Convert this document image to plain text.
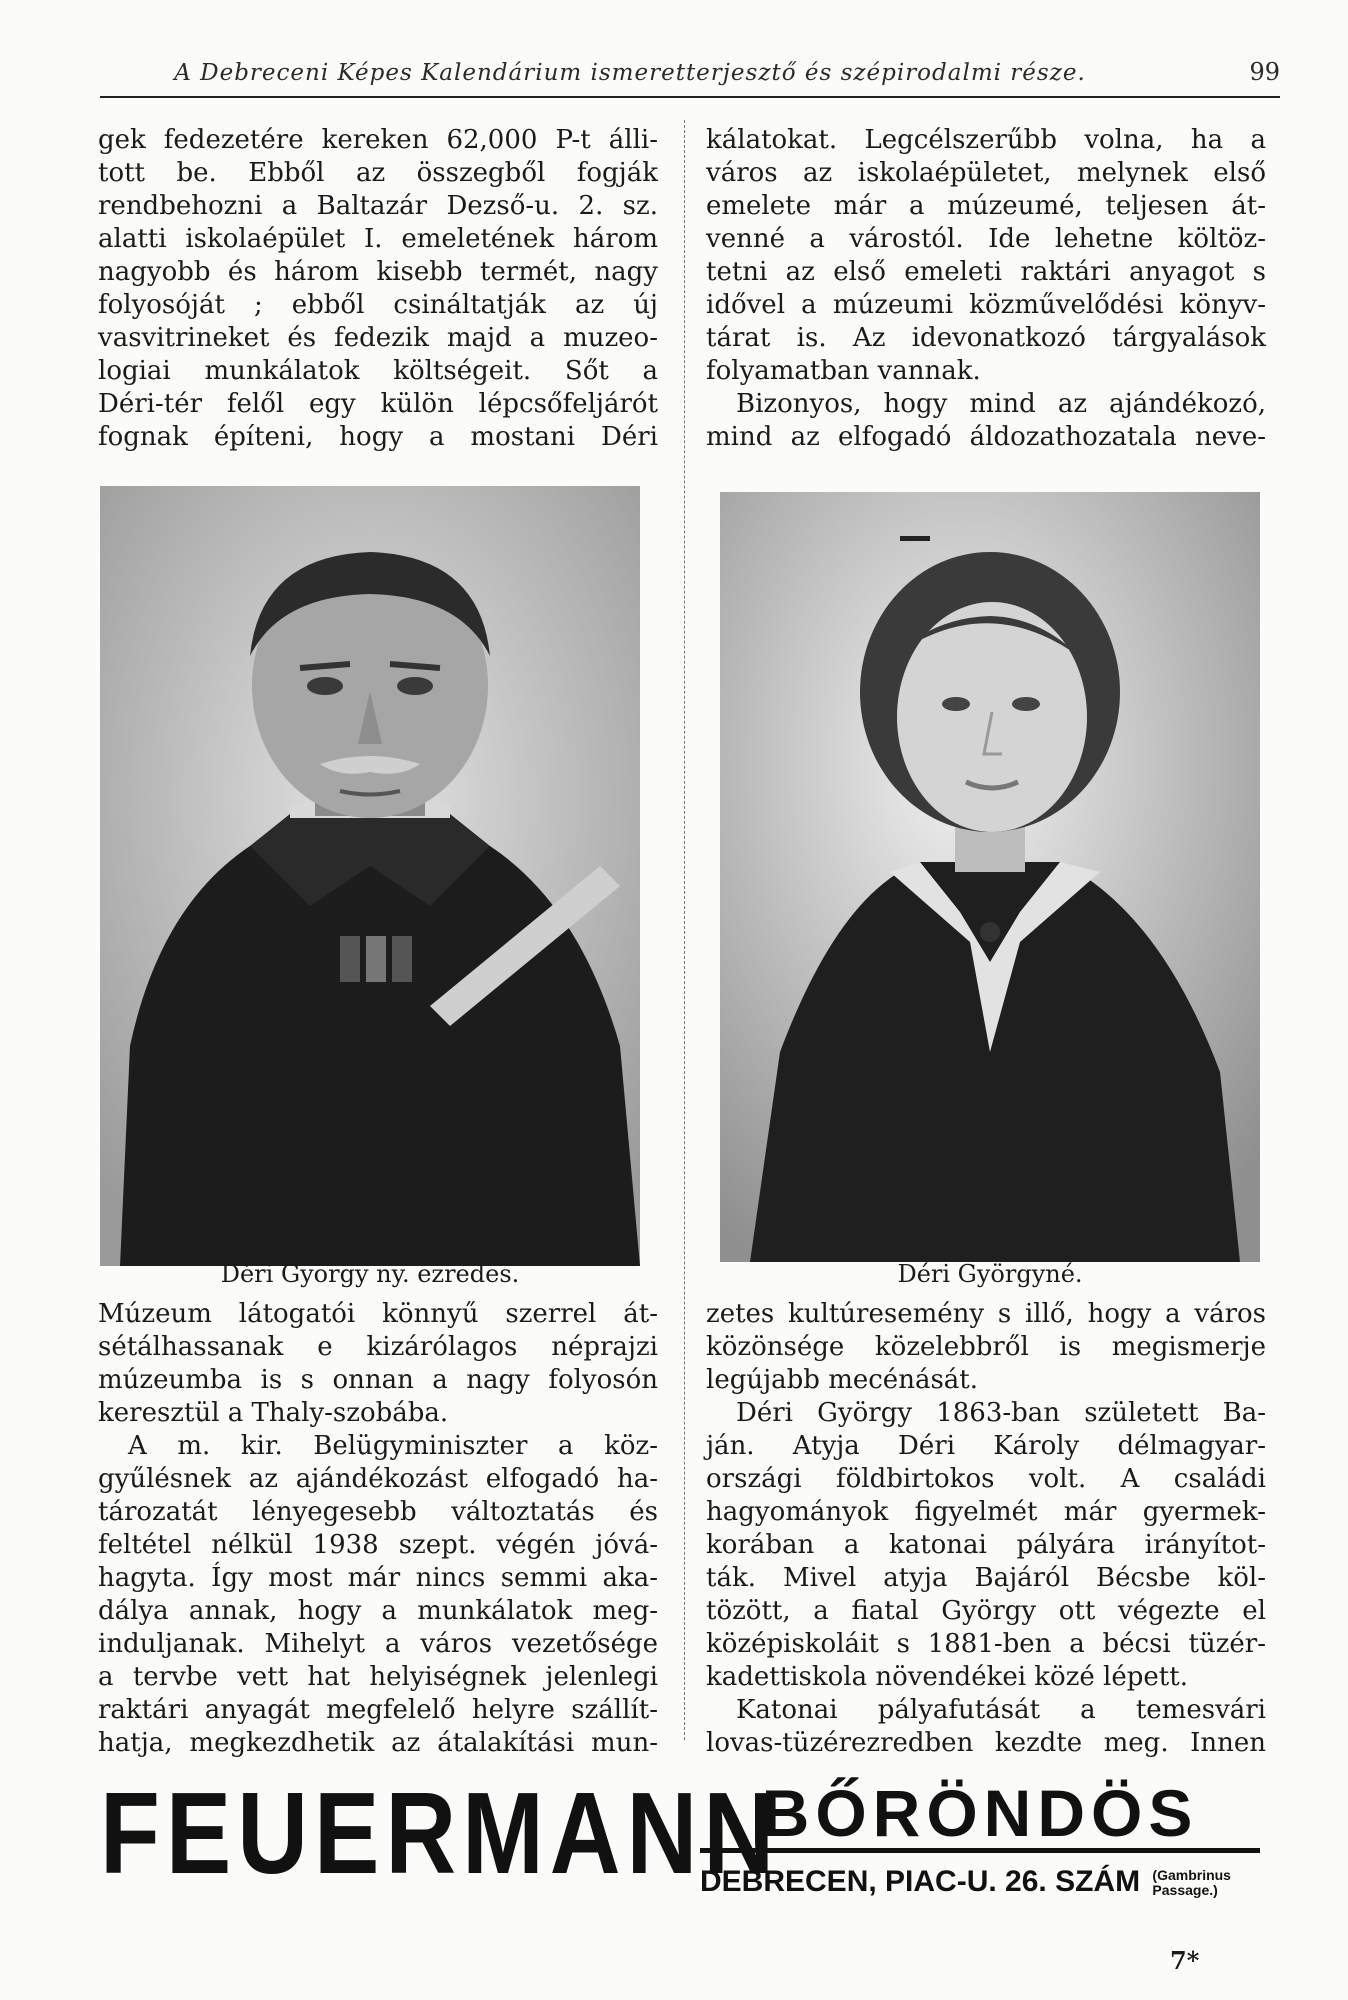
A Debreceni Képes Kalendárium ismeretterjesztő és szépirodalmi része.	99
gek fedezetére kereken 62,000 P-t álli-
tott be. Ebből az összegből fogják
rendbehozni a Baltazár Dezső-u. 2. sz.
alatti iskolaépület I. emeletének három
nagyobb és három kisebb termét, nagy
folyosóját ; ebből csináltatják az új
vasvitrineket és fedezik majd a muzeo-
logiai munkálatok költségeit. Sőt a
Déri-tér felől egy külön lépcsőfeljárót
fognak építeni, hogy a mostani Déri
kálatokat. Legcélszerűbb volna, ha a
város az iskolaépületet, melynek első
emelete már a múzeumé, teljesen át-
venné a várostól. Ide lehetne költöz-
tetni az első emeleti raktári anyagot s
idővel a múzeumi közművelődési könyv-
tárat is. Az idevonatkozó tárgyalások
folyamatban vannak.
Bizonyos, hogy mind az ajándékozó,
mind az elfogadó áldozathozatala neve-
Déri György ny. ezredes.	Déri Györgyné.
Múzeum látogatói könnyű szerrel át-
sétálhassanak e kizárólagos néprajzi
múzeumba is s onnan a nagy folyosón
keresztül a Thaly-szobába.
A m. kir. Belügyminiszter a köz-
gyűlésnek az ajándékozást elfogadó ha-
tározatát lényegesebb változtatás és
feltétel nélkül 1938 szept. végén jóvá-
hagyta. Így most már nincs semmi aka-
dálya annak, hogy a munkálatok meg-
induljanak. Mihelyt a város vezetősége
a tervbe vett hat helyiségnek jelenlegi
raktári anyagát megfelelő helyre szállít-
hatja, megkezdhetik az átalakítási mun-
zetes kultúresemény s illő, hogy a város
közönsége közelebbről is megismerje
legújabb mecénását.
Déri György 1863-ban született Ba-
ján. Atyja Déri Károly délmagyar-
országi földbirtokos volt. A családi
hagyományok figyelmét már gyermek-
korában a katonai pályára irányítot-
ták. Mivel atyja Bajáról Bécsbe köl-
tözött, a fiatal György ott végezte el
középiskoláit s 1881-ben a bécsi tüzér-
kadettiskola növendékei közé lépett.
Katonai pályafutását a temesvári
lovas-tüzérezredben kezdte meg. Innen
FEUERMANN
BŐRÖNDÖS
DEBRECEN, PIAC-U. 26. SZÁM (Gambrinus
Passage.)
7*
